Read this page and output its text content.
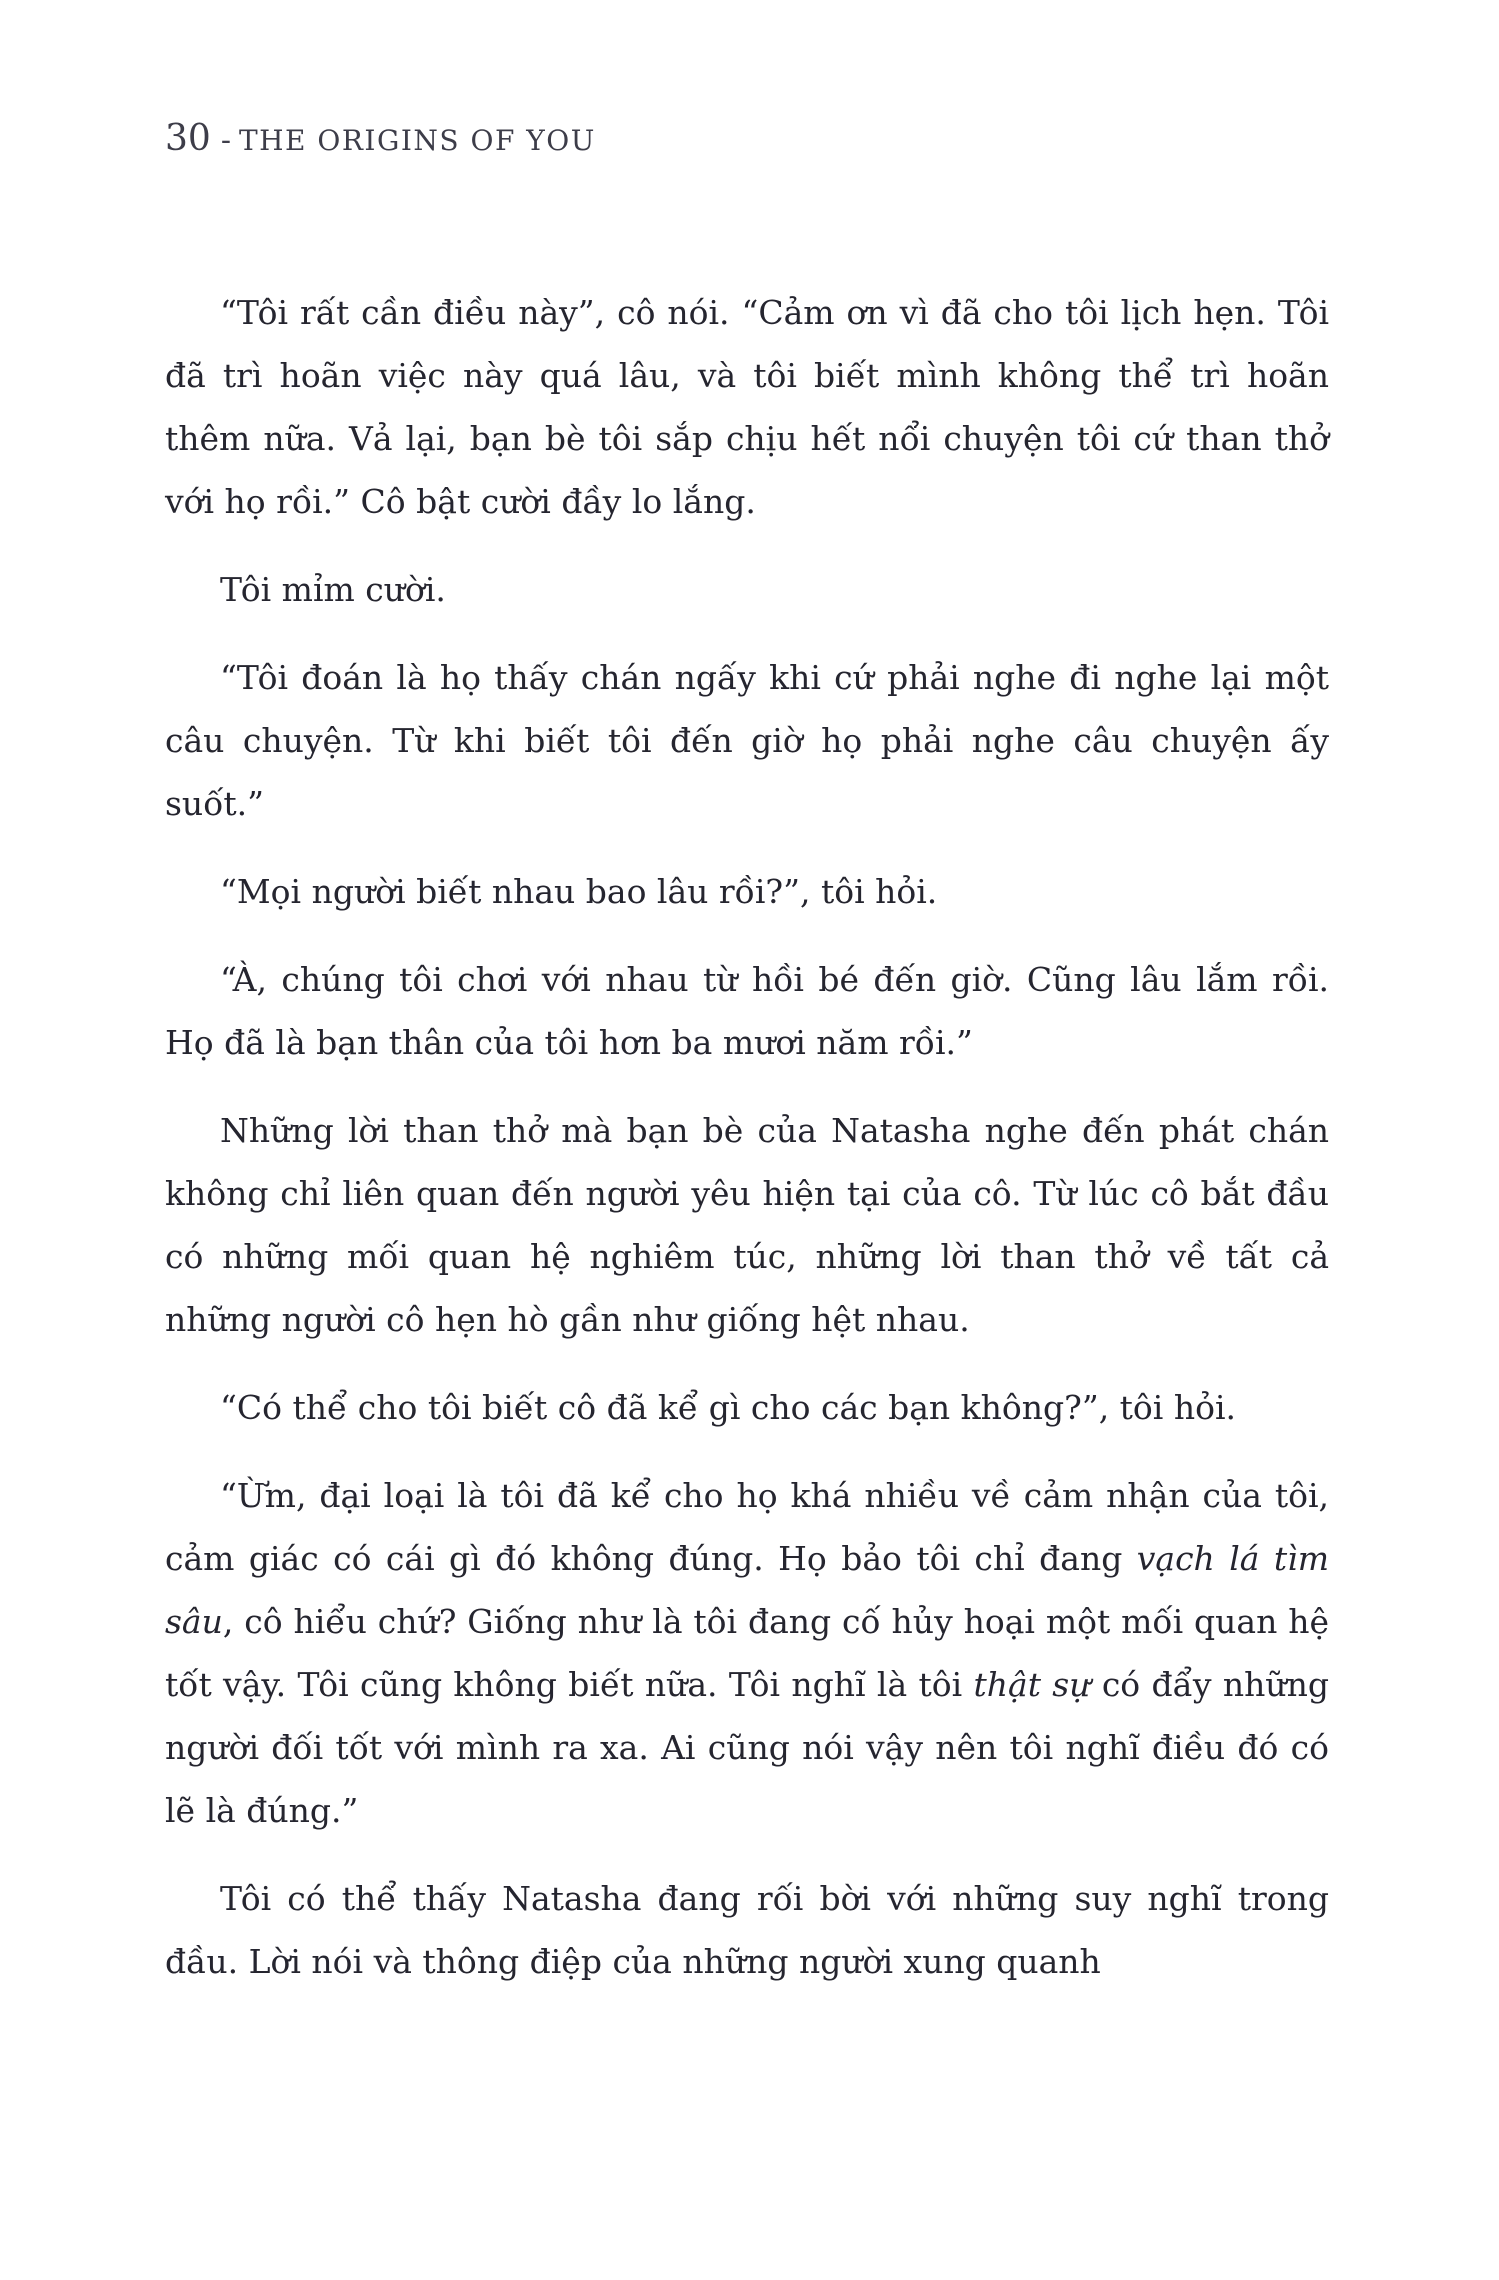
30 - THE ORIGINS OF YOU

“Tôi rất cần điều này”, cô nói. “Cảm ơn vì đã cho tôi lịch hẹn. Tôi đã trì hoãn việc này quá lâu, và tôi biết mình không thể trì hoãn thêm nữa. Vả lại, bạn bè tôi sắp chịu hết nổi chuyện tôi cứ than thở với họ rồi.” Cô bật cười đầy lo lắng.

Tôi mỉm cười.

“Tôi đoán là họ thấy chán ngấy khi cứ phải nghe đi nghe lại một câu chuyện. Từ khi biết tôi đến giờ họ phải nghe câu chuyện ấy suốt.”

“Mọi người biết nhau bao lâu rồi?”, tôi hỏi.

“À, chúng tôi chơi với nhau từ hồi bé đến giờ. Cũng lâu lắm rồi. Họ đã là bạn thân của tôi hơn ba mươi năm rồi.”

Những lời than thở mà bạn bè của Natasha nghe đến phát chán không chỉ liên quan đến người yêu hiện tại của cô. Từ lúc cô bắt đầu có những mối quan hệ nghiêm túc, những lời than thở về tất cả những người cô hẹn hò gần như giống hệt nhau.

“Có thể cho tôi biết cô đã kể gì cho các bạn không?”, tôi hỏi.

“Ừm, đại loại là tôi đã kể cho họ khá nhiều về cảm nhận của tôi, cảm giác có cái gì đó không đúng. Họ bảo tôi chỉ đang vạch lá tìm sâu, cô hiểu chứ? Giống như là tôi đang cố hủy hoại một mối quan hệ tốt vậy. Tôi cũng không biết nữa. Tôi nghĩ là tôi thật sự có đẩy những người đối tốt với mình ra xa. Ai cũng nói vậy nên tôi nghĩ điều đó có lẽ là đúng.”

Tôi có thể thấy Natasha đang rối bời với những suy nghĩ trong đầu. Lời nói và thông điệp của những người xung quanh
